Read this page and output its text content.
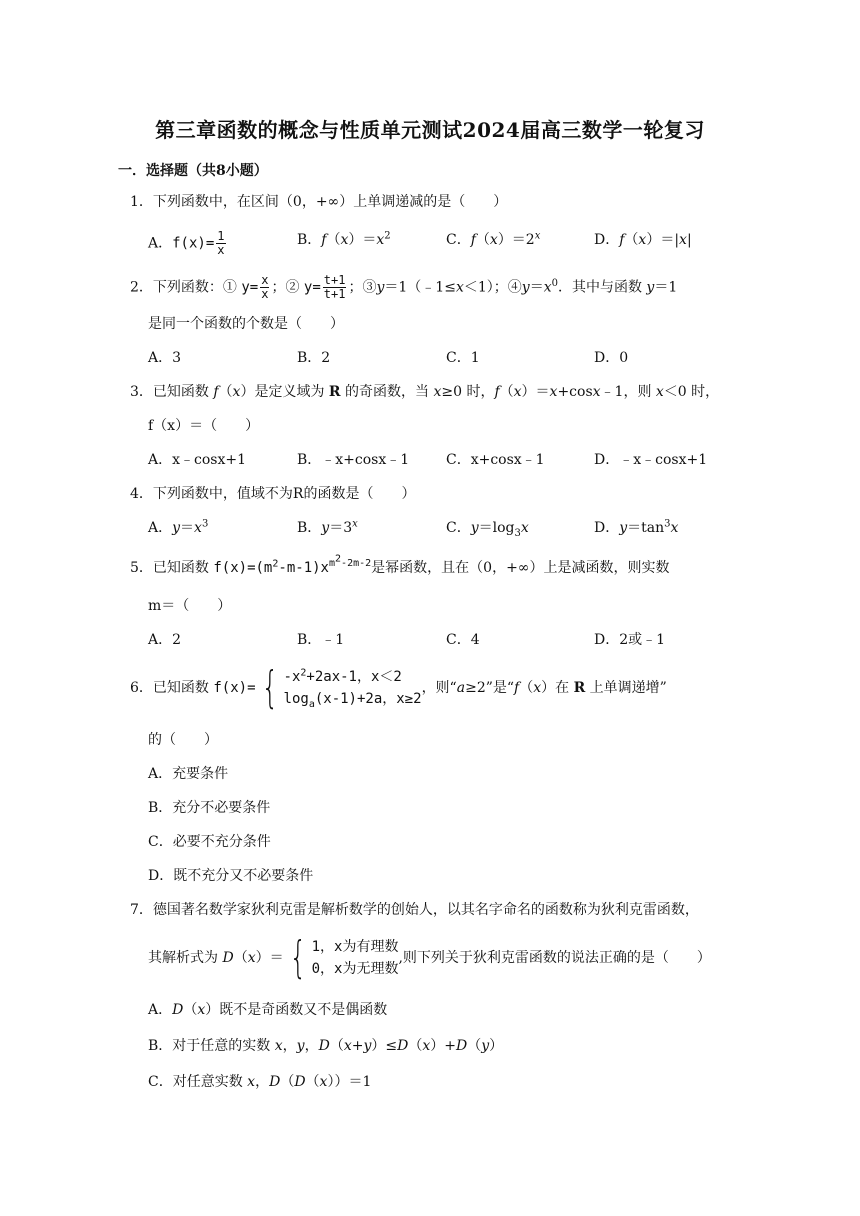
第三章函数的概念与性质单元测试2024届高三数学一轮复习
一．选择题（共8小题）
1．下列函数中，在区间（0，+∞）上单调递减的是（　　）
A．$f(x)= \frac{1}{x}$	B．$f(x)=x^2$	C．$f(x)=2^x$	D．f（x）＝|x|
2．下列函数：① $y= \frac{x}{x}$ ；② $y= \frac{t+1}{t+1}$ ；③y＝1（﹣1≤x＜1）；$④y=x^0$．其中与函数 y＝1
是同一个函数的个数是（　　）
A．3	B．2	C．1	D．0
3．已知函数 f（x）是定义域为 R 的奇函数，当 x≥0 时，f（x）＝x+cosx﹣1，则 x＜0 时，
f（x）＝（　　）
A．x﹣cosx+1	B．﹣x+cosx﹣1	C．x+cosx﹣1	D．﹣x﹣cosx+1
4．下列函数中，值域不为R的函数是（　　）
A．$y=x^3$	B．$y=3^x$	C．$y=\log_3x$	D．$y=\tan^3x$
5．已知函数 $f(x)=(m^2-m-1)x^{m^2-2m-2}$是幂函数，且在（0，+∞）上是减函数，则实数
m＝（　　）
A．2	B．﹣1	C．4	D．2或﹣1
6．已知函数 f(x)= { $-x^2+2ax-1$，x＜2
$\log_a(x-1)+2a$，x≥2
，则“a≥2”是“f（x）在 R 上单调递增”
的（　　）
A．充要条件
B．充分不必要条件
C．必要不充分条件
D．既不充分又不必要条件
7．德国著名数学家狄利克雷是解析数学的创始人，以其名字命名的函数称为狄利克雷函数，
其解析式为 D（x）＝ { 1，x为有理数
0，x为无理数
,则下列关于狄利克雷函数的说法正确的是（　　）
A．D（x）既不是奇函数又不是偶函数
B．对于任意的实数 x，y，D（x+y）≤D（x）+D（y）
C．对任意实数 x，D（D（x））＝1
